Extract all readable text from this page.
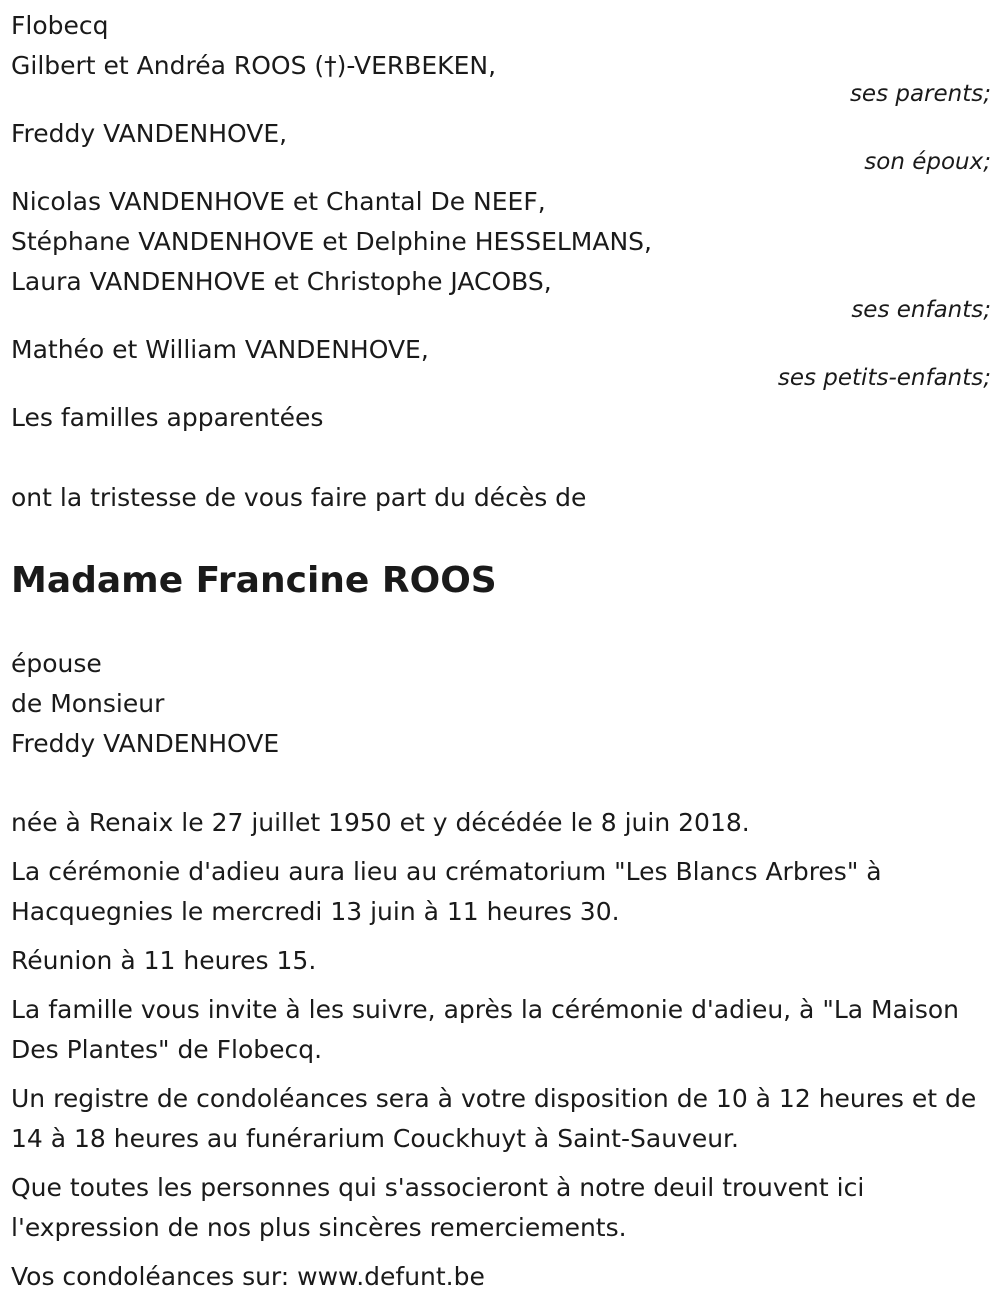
Flobecq
Gilbert et Andréa ROOS (†)-VERBEKEN,
ses parents;
Freddy VANDENHOVE,
son époux;
Nicolas VANDENHOVE et Chantal De NEEF,
Stéphane VANDENHOVE et Delphine HESSELMANS,
Laura VANDENHOVE et Christophe JACOBS,
ses enfants;
Mathéo et William VANDENHOVE,
ses petits-enfants;
Les familles apparentées
ont la tristesse de vous faire part du décès de
Madame Francine ROOS
épouse
de Monsieur
Freddy VANDENHOVE
née à Renaix le 27 juillet 1950 et y décédée le 8 juin 2018.
La cérémonie d'adieu aura lieu au crématorium "Les Blancs Arbres" à Hacquegnies le mercredi 13 juin à 11 heures 30.
Réunion à 11 heures 15.
La famille vous invite à les suivre, après la cérémonie d'adieu, à "La Maison Des Plantes" de Flobecq.
Un registre de condoléances sera à votre disposition de 10 à 12 heures et de 14 à 18 heures au funérarium Couckhuyt à Saint-Sauveur.
Que toutes les personnes qui s'associeront à notre deuil trouvent ici l'expression de nos plus sincères remerciements.
Vos condoléances sur: www.defunt.be
